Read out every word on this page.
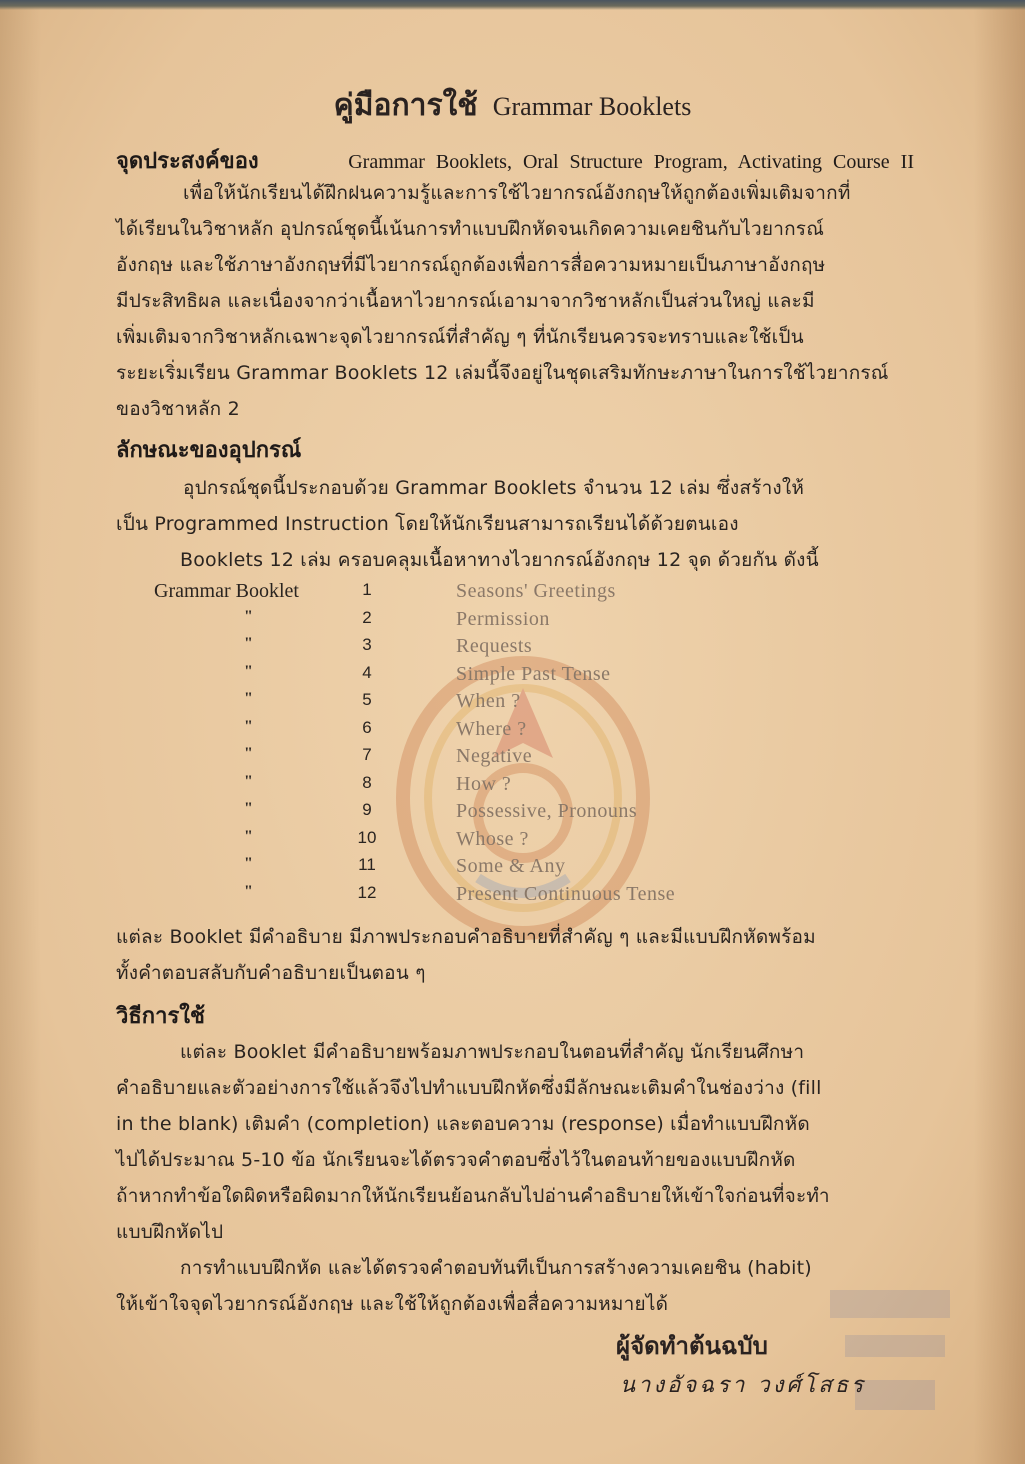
คู่มือการใช้ Grammar Booklets
จุดประสงค์ของ	Grammar Booklets, Oral Structure Program, Activating Course II
เพื่อให้นักเรียนได้ฝึกฝนความรู้และการใช้ไวยากรณ์อังกฤษให้ถูกต้องเพิ่มเติมจากที่
ได้เรียนในวิชาหลัก อุปกรณ์ชุดนี้เน้นการทำแบบฝึกหัดจนเกิดความเคยชินกับไวยากรณ์
อังกฤษ และใช้ภาษาอังกฤษที่มีไวยากรณ์ถูกต้องเพื่อการสื่อความหมายเป็นภาษาอังกฤษ
มีประสิทธิผล และเนื่องจากว่าเนื้อหาไวยากรณ์เอามาจากวิชาหลักเป็นส่วนใหญ่ และมี
เพิ่มเติมจากวิชาหลักเฉพาะจุดไวยากรณ์ที่สำคัญ ๆ ที่นักเรียนควรจะทราบและใช้เป็น
ระยะเริ่มเรียน Grammar Booklets 12 เล่มนี้จึงอยู่ในชุดเสริมทักษะภาษาในการใช้ไวยากรณ์
ของวิชาหลัก 2
ลักษณะของอุปกรณ์
อุปกรณ์ชุดนี้ประกอบด้วย Grammar Booklets จำนวน 12 เล่ม ซึ่งสร้างให้
เป็น Programmed Instruction โดยให้นักเรียนสามารถเรียนได้ด้วยตนเอง
Booklets 12 เล่ม ครอบคลุมเนื้อหาทางไวยากรณ์อังกฤษ 12 จุด ด้วยกัน ดังนี้
Grammar Booklet	1	Seasons' Greetings
"	2	Permission
"	3	Requests
"	4	Simple Past Tense
"	5	When ?
"	6	Where ?
"	7	Negative
"	8	How ?
"	9	Possessive, Pronouns
"	10	Whose ?
"	11	Some & Any
"	12	Present Continuous Tense
แต่ละ Booklet มีคำอธิบาย มีภาพประกอบคำอธิบายที่สำคัญ ๆ และมีแบบฝึกหัดพร้อม
ทั้งคำตอบสลับกับคำอธิบายเป็นตอน ๆ
วิธีการใช้
แต่ละ Booklet มีคำอธิบายพร้อมภาพประกอบในตอนที่สำคัญ นักเรียนศึกษา
คำอธิบายและตัวอย่างการใช้แล้วจึงไปทำแบบฝึกหัดซึ่งมีลักษณะเติมคำในช่องว่าง (fill
in the blank) เติมคำ (completion) และตอบความ (response) เมื่อทำแบบฝึกหัด
ไปได้ประมาณ 5-10 ข้อ นักเรียนจะได้ตรวจคำตอบซึ่งไว้ในตอนท้ายของแบบฝึกหัด
ถ้าหากทำข้อใดผิดหรือผิดมากให้นักเรียนย้อนกลับไปอ่านคำอธิบายให้เข้าใจก่อนที่จะทำ
แบบฝึกหัดไป
การทำแบบฝึกหัด และได้ตรวจคำตอบทันทีเป็นการสร้างความเคยชิน (habit)
ให้เข้าใจจุดไวยากรณ์อังกฤษ และใช้ให้ถูกต้องเพื่อสื่อความหมายได้
ผู้จัดทำต้นฉบับ
นางอัจฉรา วงศ์โสธร
